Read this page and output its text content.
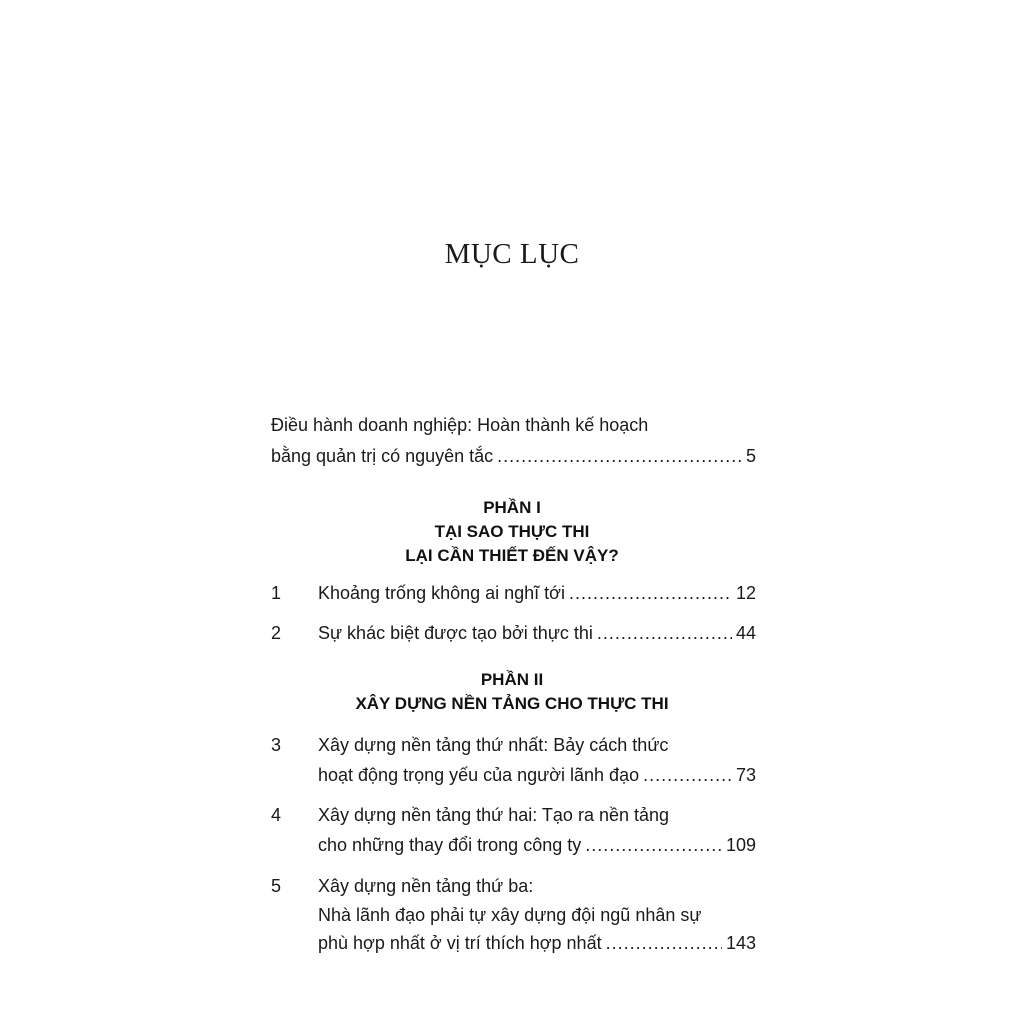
MỤC LỤC
Điều hành doanh nghiệp: Hoàn thành kế hoạch
bằng quản trị có nguyên tắc .....	5
PHẦN I
TẠI SAO THỰC THI
LẠI CẦN THIẾT ĐẾN VẬY?
1 Khoảng trống không ai nghĩ tới .....	12
2 Sự khác biệt được tạo bởi thực thi .....	44
PHẦN II
XÂY DỰNG NỀN TẢNG CHO THỰC THI
3 Xây dựng nền tảng thứ nhất: Bảy cách thức
hoạt động trọng yếu của người lãnh đạo .....	73
4 Xây dựng nền tảng thứ hai: Tạo ra nền tảng
cho những thay đổi trong công ty .....	109
5 Xây dựng nền tảng thứ ba:
Nhà lãnh đạo phải tự xây dựng đội ngũ nhân sự
phù hợp nhất ở vị trí thích hợp nhất .....	143
